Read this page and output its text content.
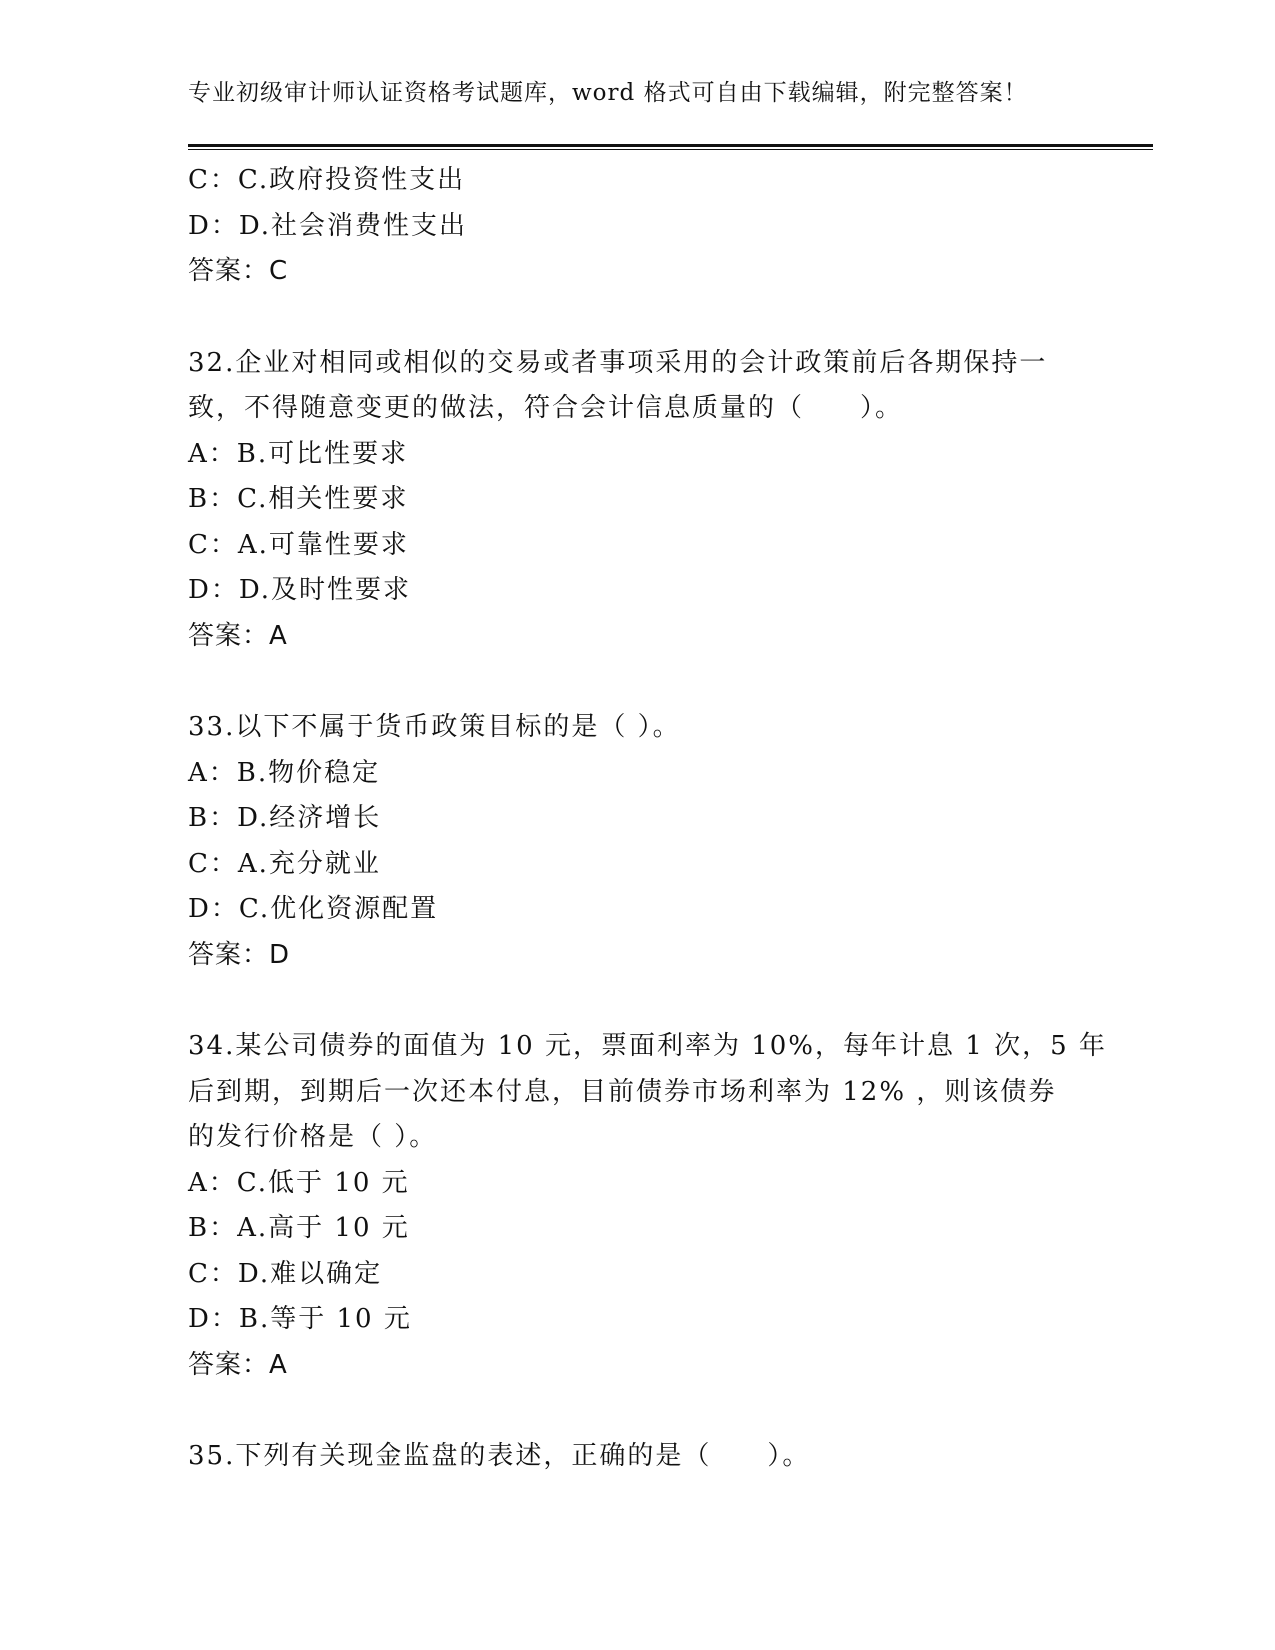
专业初级审计师认证资格考试题库，word 格式可自由下载编辑，附完整答案！
C：C.政府投资性支出
D：D.社会消费性支出
答案：C
32.企业对相同或相似的交易或者事项采用的会计政策前后各期保持一
致，不得随意变更的做法，符合会计信息质量的（　　）。
A：B.可比性要求
B：C.相关性要求
C：A.可靠性要求
D：D.及时性要求
答案：A
33.以下不属于货币政策目标的是（ ）。
A：B.物价稳定
B：D.经济增长
C：A.充分就业
D：C.优化资源配置
答案：D
34.某公司债券的面值为 10 元，票面利率为 10%，每年计息 1 次，5 年
后到期，到期后一次还本付息，目前债券市场利率为 12% ，则该债券
的发行价格是（ ）。
A：C.低于 10 元
B：A.高于 10 元
C：D.难以确定
D：B.等于 10 元
答案：A
35.下列有关现金监盘的表述，正确的是（　　）。
